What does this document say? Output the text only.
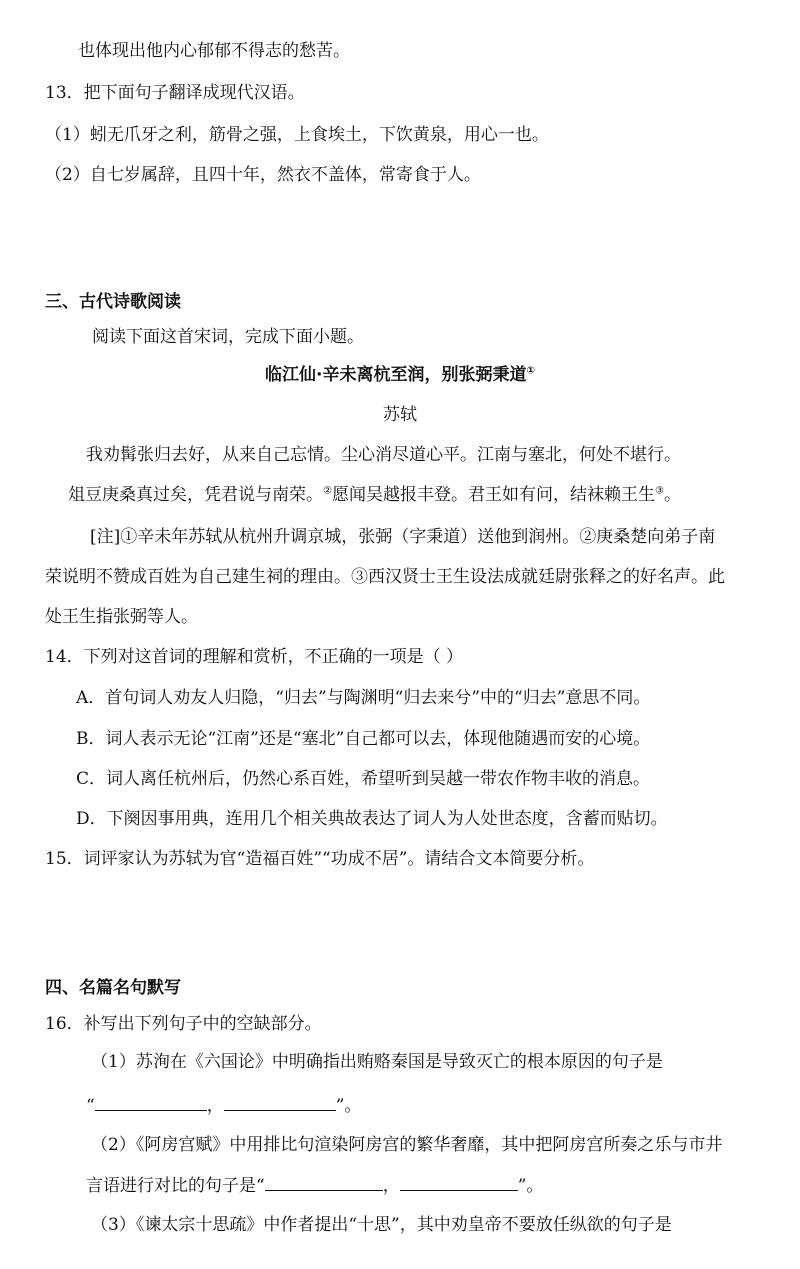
也体现出他内心郁郁不得志的愁苦。
13．把下面句子翻译成现代汉语。
（1）蚓无爪牙之利，筋骨之强，上食埃土，下饮黄泉，用心一也。
（2）自七岁属辞，且四十年，然衣不盖体，常寄食于人。
三、古代诗歌阅读
阅读下面这首宋词，完成下面小题。
临江仙·辛未离杭至润，别张弼秉道①
苏轼
我劝髯张归去好，从来自己忘情。尘心消尽道心平。江南与塞北，何处不堪行。
俎豆庚桑真过矣，凭君说与南荣。②愿闻吴越报丰登。君王如有问，结袜赖王生③。
[注]①辛未年苏轼从杭州升调京城，张弼（字秉道）送他到润州。②庚桑楚向弟子南
荣说明不赞成百姓为自己建生祠的理由。③西汉贤士王生设法成就廷尉张释之的好名声。此
处王生指张弼等人。
14．下列对这首词的理解和赏析，不正确的一项是（ ）
A．首句词人劝友人归隐，“归去”与陶渊明“归去来兮”中的“归去”意思不同。
B．词人表示无论“江南”还是“塞北”自己都可以去，体现他随遇而安的心境。
C．词人离任杭州后，仍然心系百姓，希望听到吴越一带农作物丰收的消息。
D．下阕因事用典，连用几个相关典故表达了词人为人处世态度，含蓄而贴切。
15．词评家认为苏轼为官“造福百姓”“功成不居”。请结合文本简要分析。
四、名篇名句默写
16．补写出下列句子中的空缺部分。
（1）苏洵在《六国论》中明确指出贿赂秦国是导致灭亡的根本原因的句子是
“	，	”。
（2）《阿房宫赋》中用排比句渲染阿房宫的繁华奢靡，其中把阿房宫所奏之乐与市井
言语进行对比的句子是“	，	”。
（3）《谏太宗十思疏》中作者提出“十思”，其中劝皇帝不要放任纵欲的句子是
